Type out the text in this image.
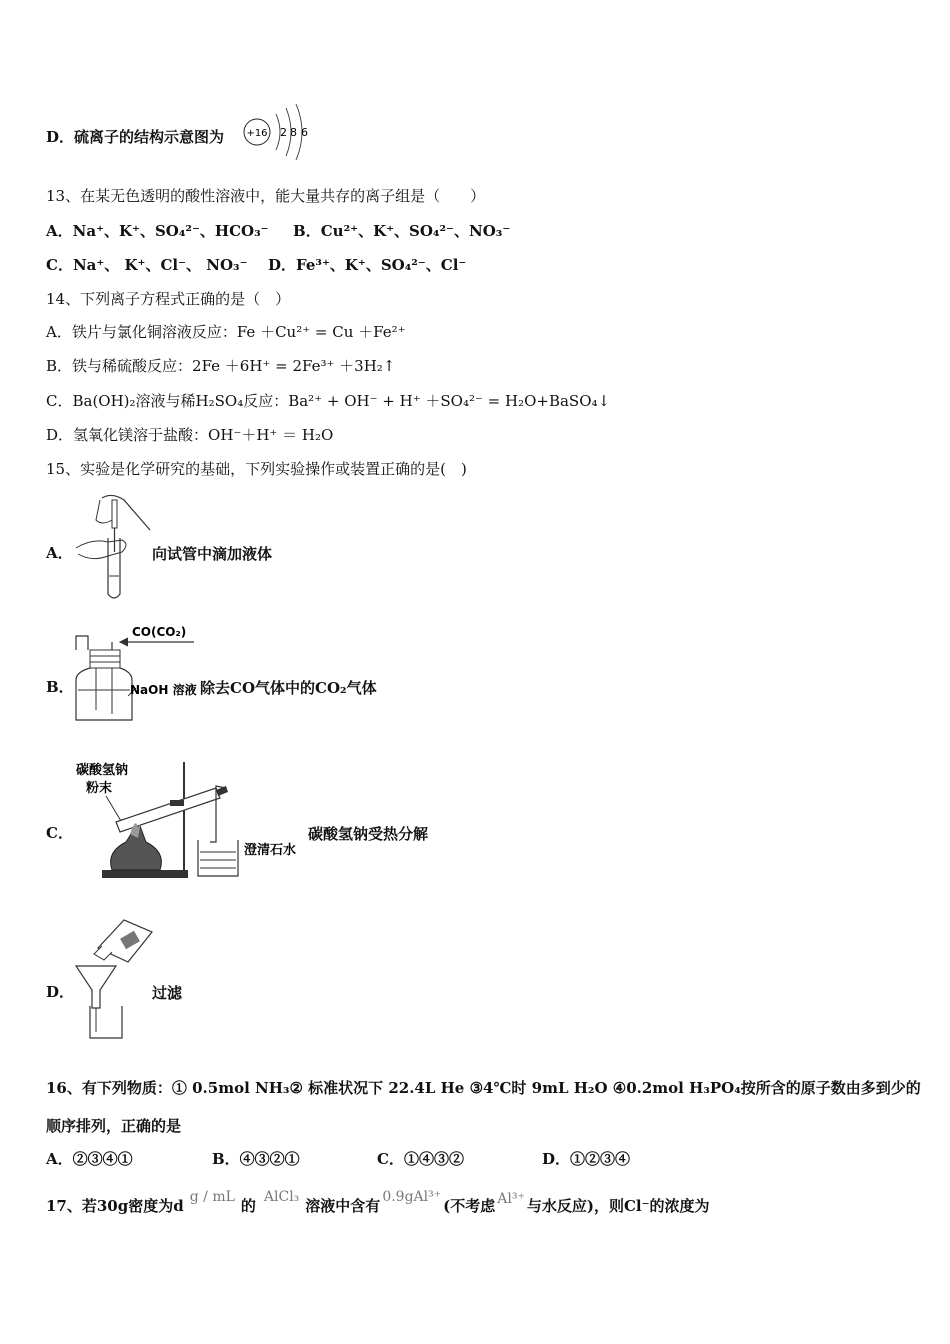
D．硫离子的结构示意图为 +16 2 8 6
13、在某无色透明的酸性溶液中，能大量共存的离子组是（　　）
A．Na⁺、K⁺、SO₄²⁻、HCO₃⁻ B．Cu²⁺、K⁺、SO₄²⁻、NO₃⁻
C．Na⁺、 K⁺、Cl⁻、 NO₃⁻ D．Fe³⁺、K⁺、SO₄²⁻、Cl⁻
14、下列离子方程式正确的是（　）
A．铁片与氯化铜溶液反应：Fe ＋Cu²⁺ = Cu ＋Fe²⁺
B．铁与稀硫酸反应：2Fe ＋6H⁺ = 2Fe³⁺ ＋3H₂↑
C．Ba(OH)₂溶液与稀H₂SO₄反应：Ba²⁺ + OH⁻ + H⁺ ＋SO₄²⁻ = H₂O+BaSO₄↓
D．氢氧化镁溶于盐酸：OH⁻＋H⁺ ＝ H₂O
15、实验是化学研究的基础，下列实验操作或装置正确的是(　)
A．	向试管中滴加液体
B．
CO(CO₂)
NaOH 溶液 除去CO气体中的CO₂气体
C．
碳酸氢钠
粉末
澄清石水
碳酸氢钠受热分解
D．	过滤
16、有下列物质：① 0.5mol NH₃② 标准状况下 22.4L He ③4℃时 9mL H₂O ④0.2mol H₃PO₄按所含的原子数由多到少的
顺序排列，正确的是
A．②③④①	B．④③②①	C．①④③②	D．①②③④
17、若30g密度为d g / mL 的 AlCl₃ 溶液中含有 0.9gAl³⁺ (不考虑 Al³⁺ 与水反应)，则Cl⁻的浓度为
